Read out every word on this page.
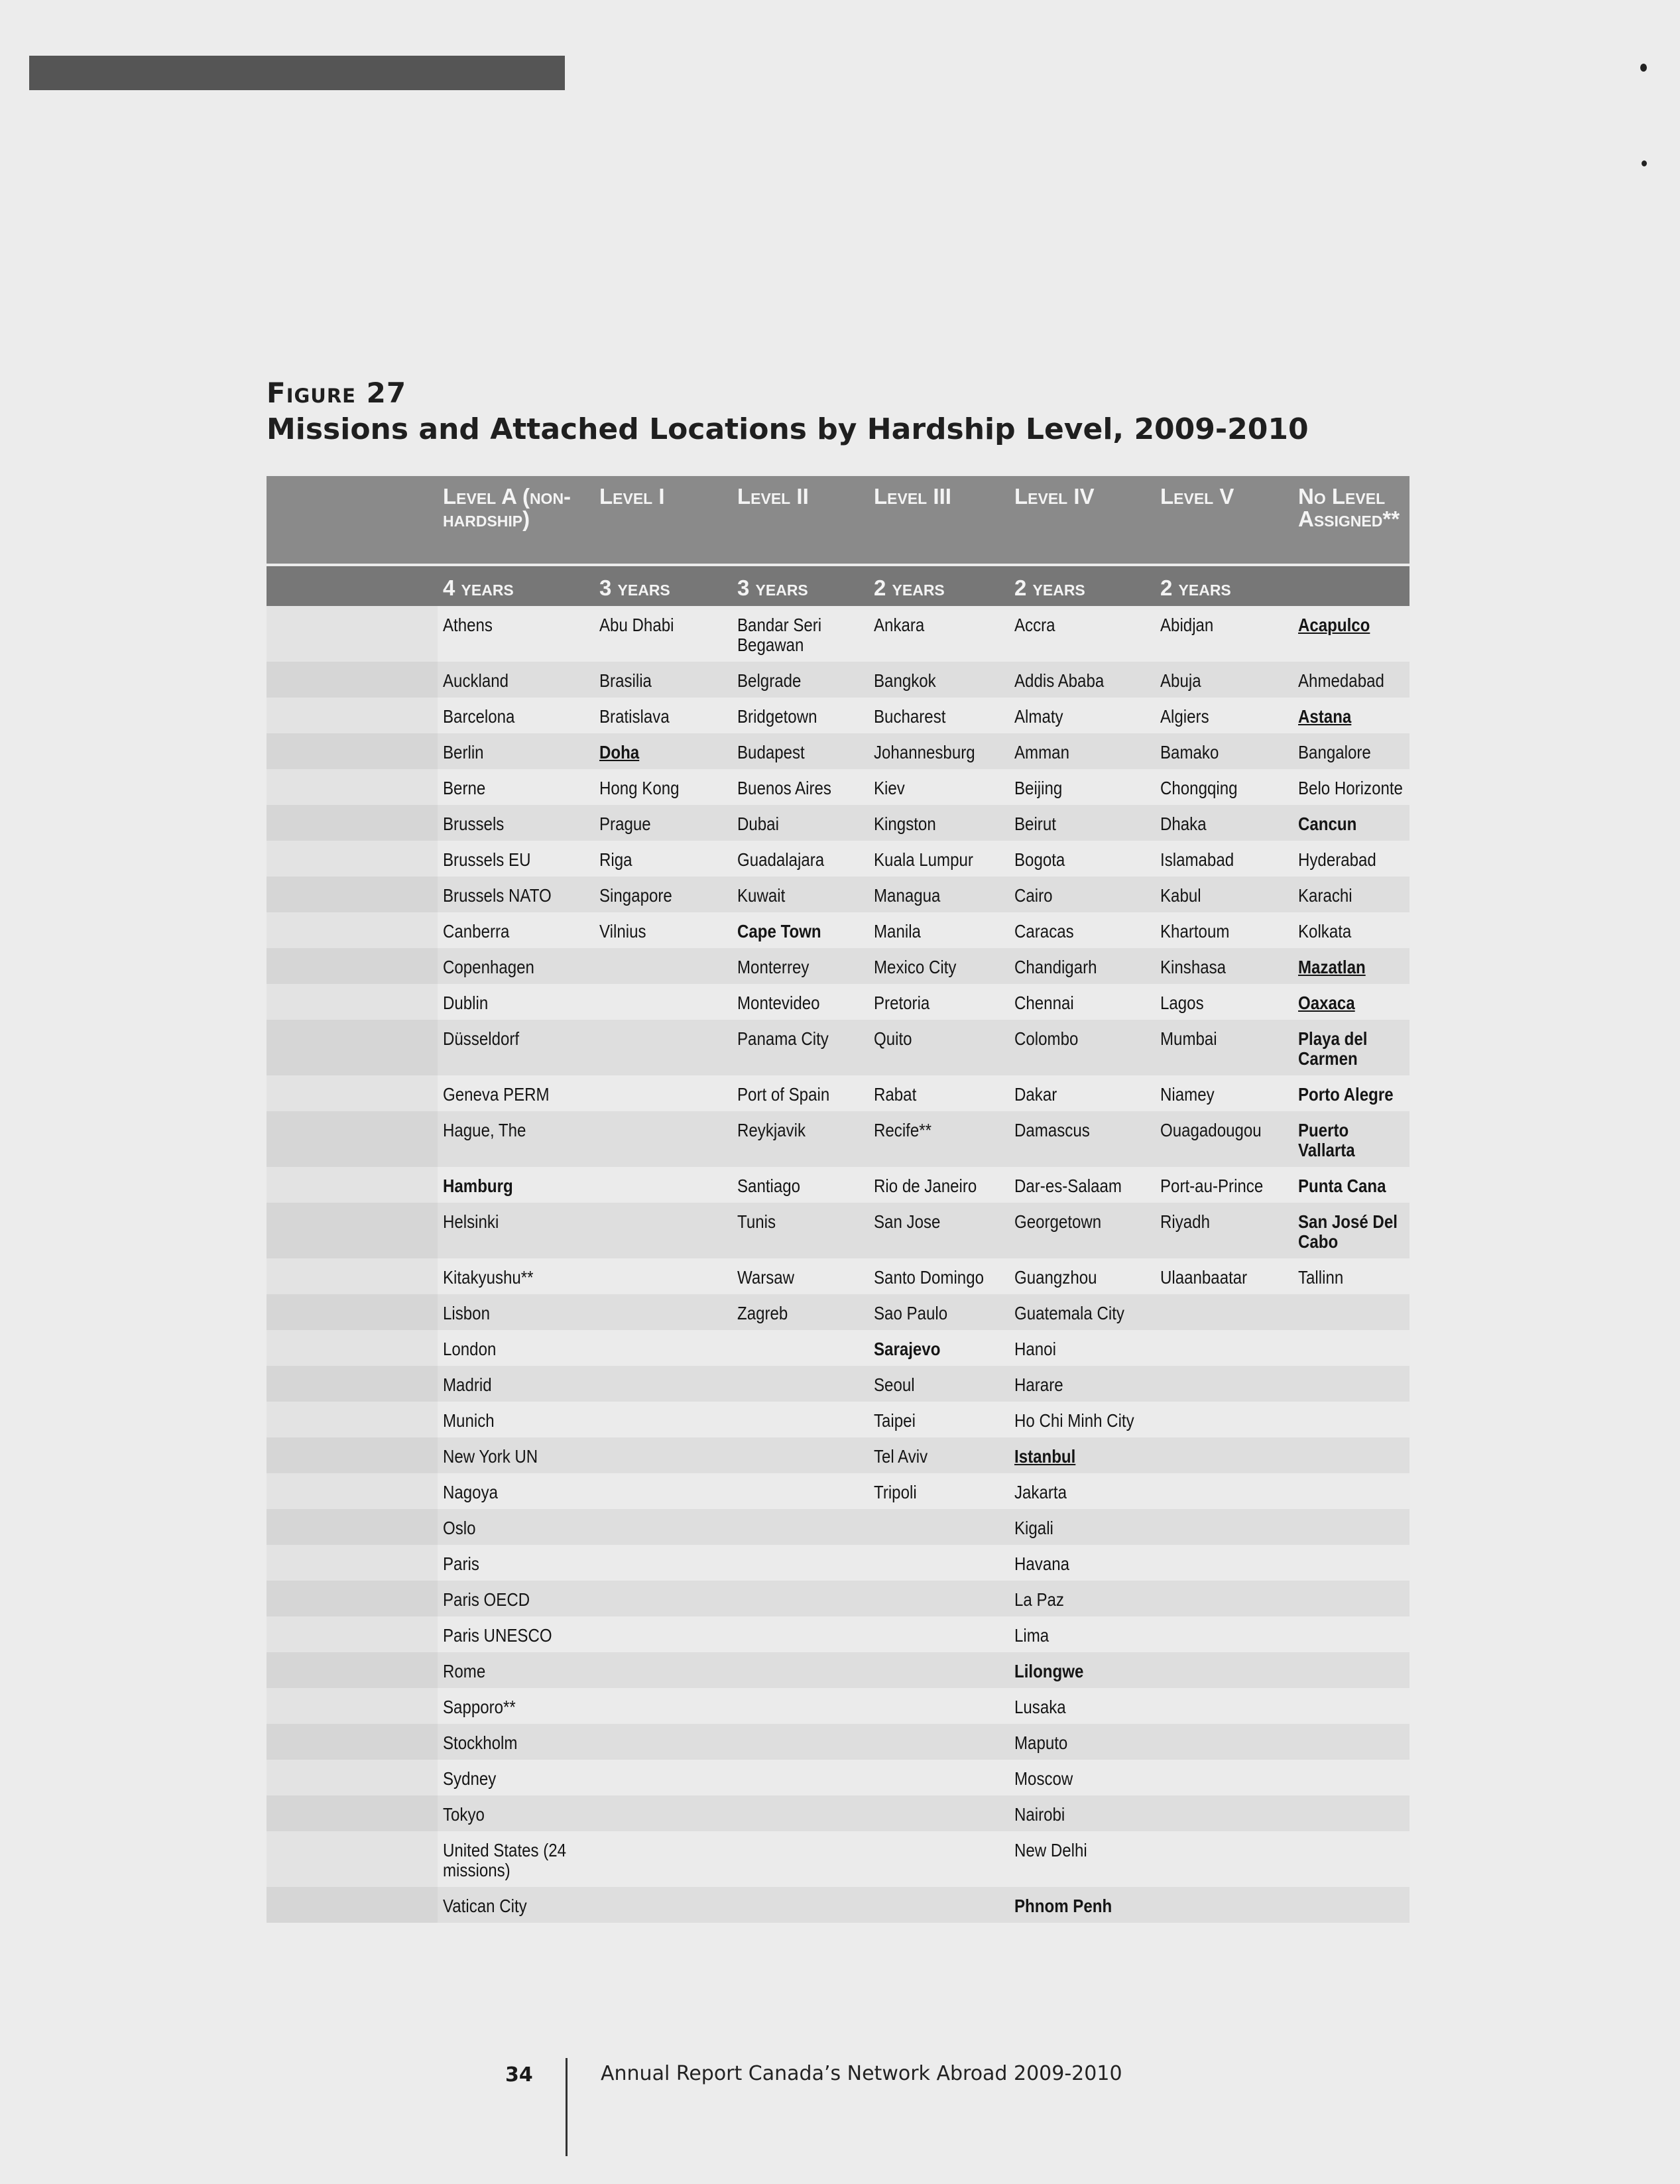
Figure 27
Missions and Attached Locations by Hardship Level, 2009-2010
	Level A (non-hardship)	Level I	Level II	Level III	Level IV	Level V	No Level Assigned**
	4 years	3 years	3 years	2 years	2 years	2 years	
	Athens	Abu Dhabi	Bandar Seri Begawan	Ankara	Accra	Abidjan	Acapulco
	Auckland	Brasilia	Belgrade	Bangkok	Addis Ababa	Abuja	Ahmedabad
	Barcelona	Bratislava	Bridgetown	Bucharest	Almaty	Algiers	Astana
	Berlin	Doha	Budapest	Johannesburg	Amman	Bamako	Bangalore
	Berne	Hong Kong	Buenos Aires	Kiev	Beijing	Chongqing	Belo Horizonte
	Brussels	Prague	Dubai	Kingston	Beirut	Dhaka	Cancun
	Brussels EU	Riga	Guadalajara	Kuala Lumpur	Bogota	Islamabad	Hyderabad
	Brussels NATO	Singapore	Kuwait	Managua	Cairo	Kabul	Karachi
	Canberra	Vilnius	Cape Town	Manila	Caracas	Khartoum	Kolkata
	Copenhagen		Monterrey	Mexico City	Chandigarh	Kinshasa	Mazatlan
	Dublin		Montevideo	Pretoria	Chennai	Lagos	Oaxaca
	Düsseldorf		Panama City	Quito	Colombo	Mumbai	Playa del Carmen
	Geneva PERM		Port of Spain	Rabat	Dakar	Niamey	Porto Alegre
	Hague, The		Reykjavik	Recife**	Damascus	Ouagadougou	Puerto Vallarta
	Hamburg		Santiago	Rio de Janeiro	Dar-es-Salaam	Port-au-Prince	Punta Cana
	Helsinki		Tunis	San Jose	Georgetown	Riyadh	San José Del Cabo
	Kitakyushu**		Warsaw	Santo Domingo	Guangzhou	Ulaanbaatar	Tallinn
	Lisbon		Zagreb	Sao Paulo	Guatemala City		
	London			Sarajevo	Hanoi		
	Madrid			Seoul	Harare		
	Munich			Taipei	Ho Chi Minh City		
	New York UN			Tel Aviv	Istanbul		
	Nagoya			Tripoli	Jakarta		
	Oslo				Kigali		
	Paris				Havana		
	Paris OECD				La Paz		
	Paris UNESCO				Lima		
	Rome				Lilongwe		
	Sapporo**				Lusaka		
	Stockholm				Maputo		
	Sydney				Moscow		
	Tokyo				Nairobi		
	United States (24 missions)				New Delhi		
	Vatican City				Phnom Penh		
34	Annual Report Canada’s Network Abroad 2009-2010
